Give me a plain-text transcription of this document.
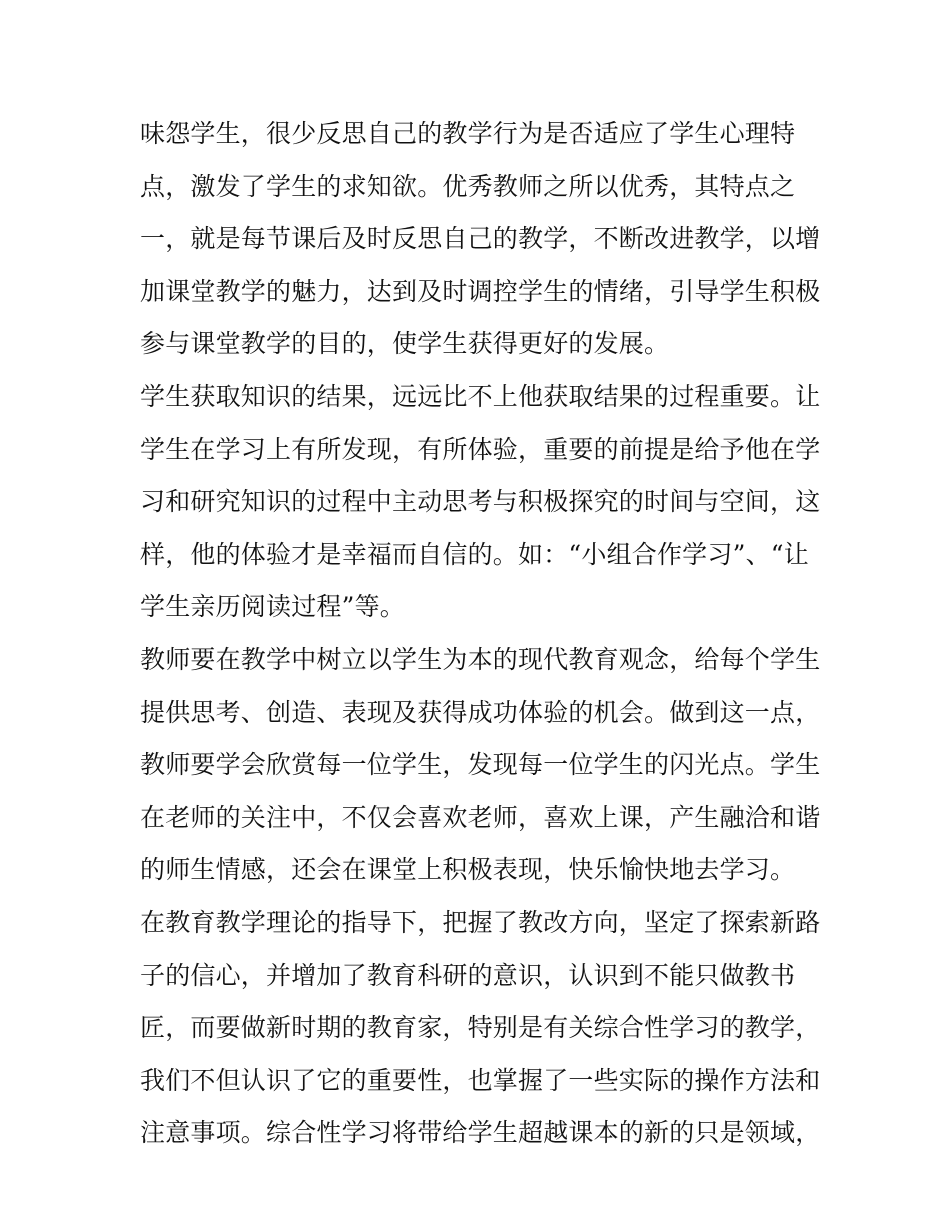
味怨学生，很少反思自己的教学行为是否适应了学生心理特
点，激发了学生的求知欲。优秀教师之所以优秀，其特点之
一，就是每节课后及时反思自己的教学，不断改进教学，以增
加课堂教学的魅力，达到及时调控学生的情绪，引导学生积极
参与课堂教学的目的，使学生获得更好的发展。
学生获取知识的结果，远远比不上他获取结果的过程重要。让
学生在学习上有所发现，有所体验，重要的前提是给予他在学
习和研究知识的过程中主动思考与积极探究的时间与空间，这
样，他的体验才是幸福而自信的。如：“小组合作学习”、“让
学生亲历阅读过程”等。
教师要在教学中树立以学生为本的现代教育观念，给每个学生
提供思考、创造、表现及获得成功体验的机会。做到这一点，
教师要学会欣赏每一位学生，发现每一位学生的闪光点。学生
在老师的关注中，不仅会喜欢老师，喜欢上课，产生融洽和谐
的师生情感，还会在课堂上积极表现，快乐愉快地去学习。
在教育教学理论的指导下，把握了教改方向，坚定了探索新路
子的信心，并增加了教育科研的意识，认识到不能只做教书
匠，而要做新时期的教育家，特别是有关综合性学习的教学，
我们不但认识了它的重要性，也掌握了一些实际的操作方法和
注意事项。综合性学习将带给学生超越课本的新的只是领域，
